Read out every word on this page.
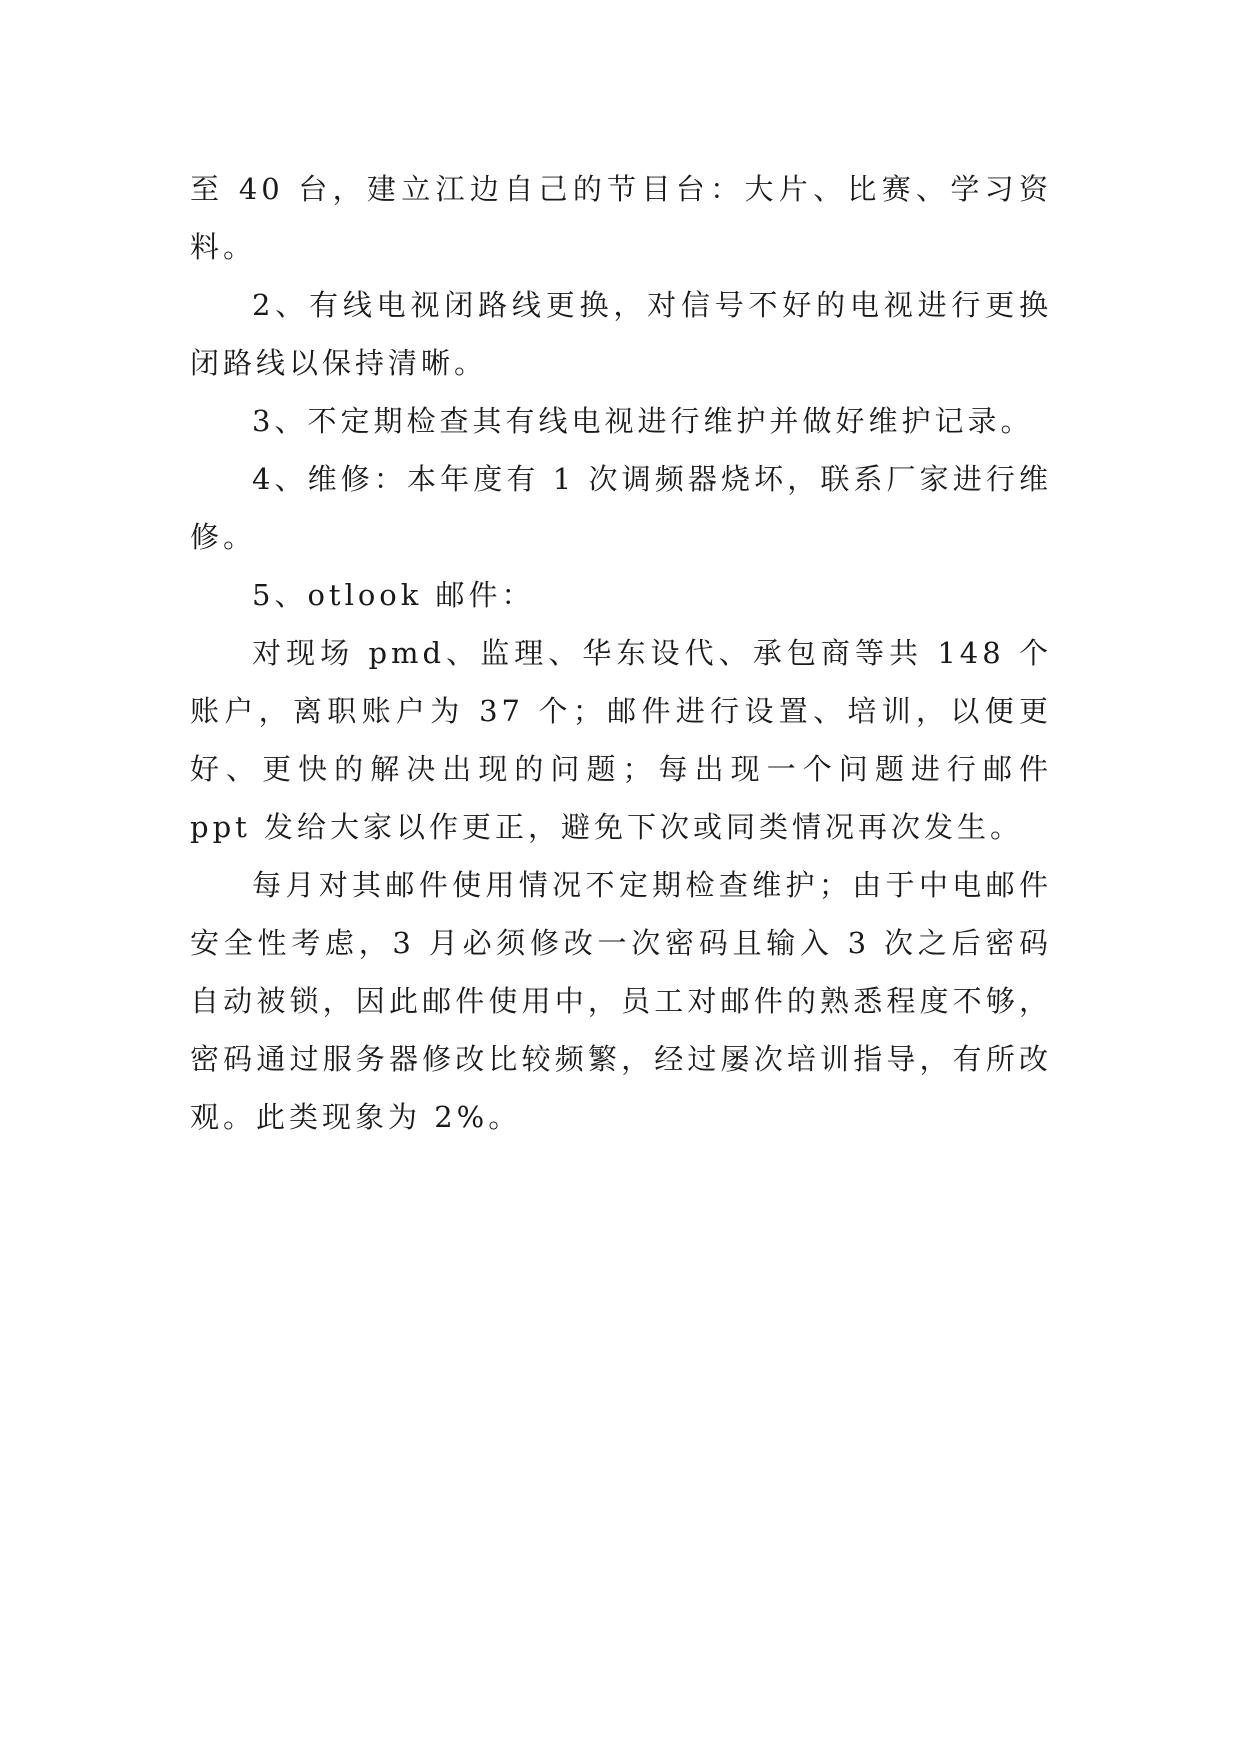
至 40 台，建立江边自己的节目台：大片、比赛、学习资料。

2、有线电视闭路线更换，对信号不好的电视进行更换闭路线以保持清晰。

3、不定期检查其有线电视进行维护并做好维护记录。

4、维修：本年度有 1 次调频器烧坏，联系厂家进行维修。

5、otlook 邮件：

对现场 pmd、监理、华东设代、承包商等共 148 个账户，离职账户为 37 个；邮件进行设置、培训，以便更好、更快的解决出现的问题；每出现一个问题进行邮件 ppt 发给大家以作更正，避免下次或同类情况再次发生。

每月对其邮件使用情况不定期检查维护；由于中电邮件安全性考虑，3 月必须修改一次密码且输入 3 次之后密码自动被锁，因此邮件使用中，员工对邮件的熟悉程度不够，密码通过服务器修改比较频繁，经过屡次培训指导，有所改观。此类现象为 2%。
